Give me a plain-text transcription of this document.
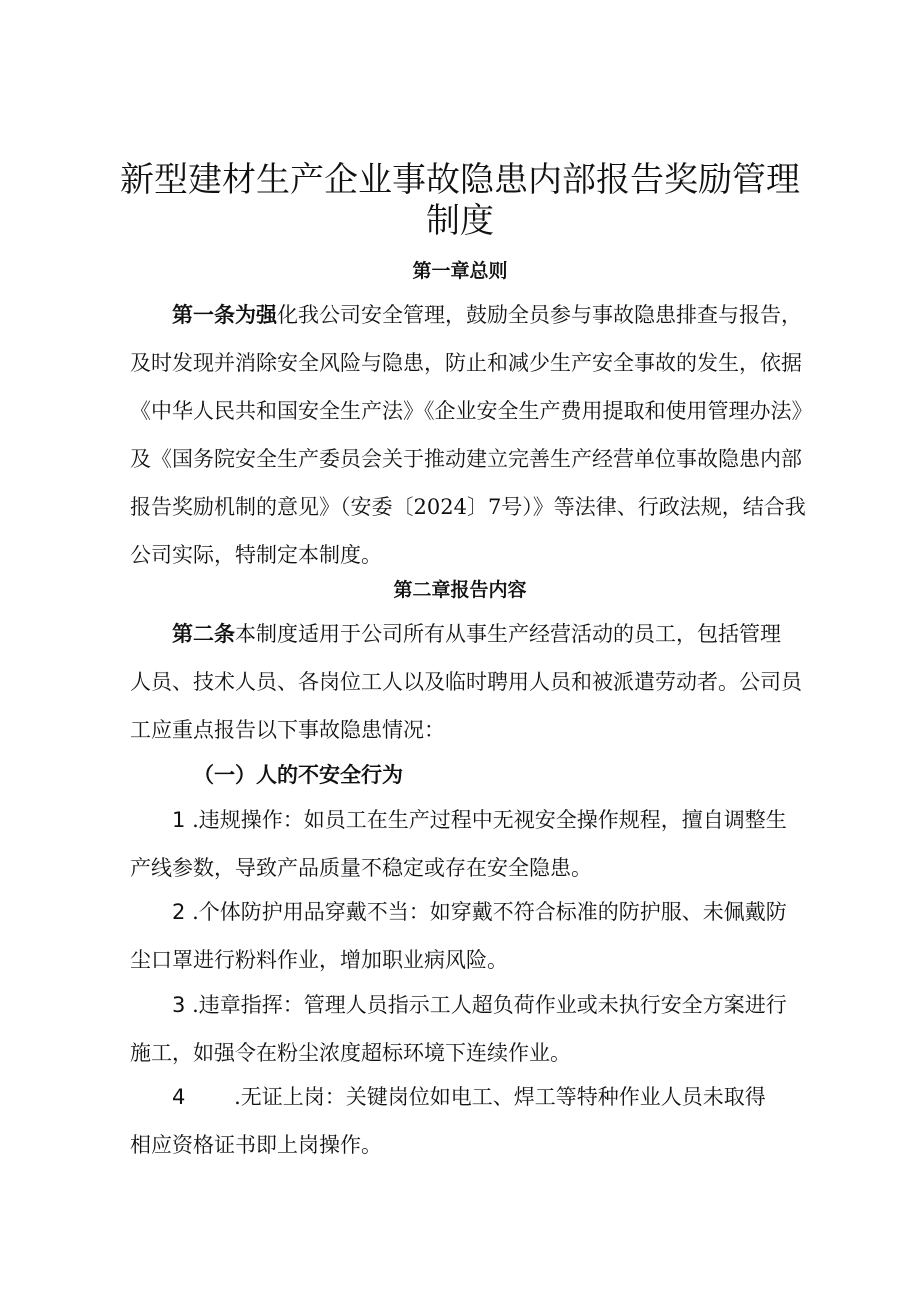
新型建材生产企业事故隐患内部报告奖励管理
制度
第一章总则
第一条为强化我公司安全管理，鼓励全员参与事故隐患排查与报告，
及时发现并消除安全风险与隐患，防止和减少生产安全事故的发生，依据
《中华人民共和国安全生产法》《企业安全生产费用提取和使用管理办法》
及《国务院安全生产委员会关于推动建立完善生产经营单位事故隐患内部
报告奖励机制的意见》（安委〔2024〕7号）》等法律、行政法规，结合我
公司实际，特制定本制度。
第二章报告内容
第二条本制度适用于公司所有从事生产经营活动的员工，包括管理
人员、技术人员、各岗位工人以及临时聘用人员和被派遣劳动者。公司员
工应重点报告以下事故隐患情况：
（一）人的不安全行为
1 .违规操作：如员工在生产过程中无视安全操作规程，擅自调整生
产线参数，导致产品质量不稳定或存在安全隐患。
2 .个体防护用品穿戴不当：如穿戴不符合标准的防护服、未佩戴防
尘口罩进行粉料作业，增加职业病风险。
3 .违章指挥：管理人员指示工人超负荷作业或未执行安全方案进行
施工，如强令在粉尘浓度超标环境下连续作业。
4 .无证上岗：关键岗位如电工、焊工等特种作业人员未取得
相应资格证书即上岗操作。
